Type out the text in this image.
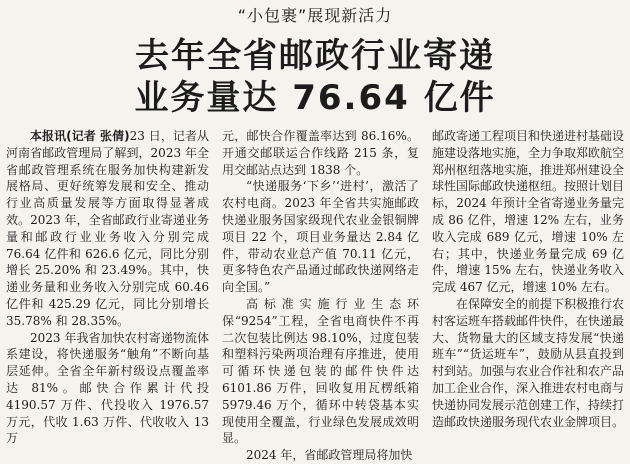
“小包裹”展现新活力
去年全省邮政行业寄递
业务量达 76.64 亿件

本报讯(记者 张倩)23 日，记者从河南省邮政管理局了解到，2023 年全省邮政管理系统在服务加快构建新发展格局、更好统筹发展和安全、推动行业高质量发展等方面取得显著成效。2023 年，全省邮政行业寄递业务量和邮政行业业务收入分别完成 76.64 亿件和 626.6 亿元，同比分别增长 25.20% 和 23.49%。其中，快递业务量和业务收入分别完成 60.46 亿件和 425.29 亿元，同比分别增长 35.78% 和 28.35%。

2023 年我省加快农村寄递物流体系建设，将快递服务“触角”不断向基层延伸。全省全年新村级设点覆盖率达 81%。邮快合作累计代投 4190.57 万件、代投收入 1976.57 万元，代收 1.63 万件、代收收入 13 万

元，邮快合作覆盖率达到 86.16%。开通交邮联运合作线路 215 条，复用交邮站点达到 1838 个。

“快递服务‘下乡’‘进村’，激活了农村电商。2023 年全省共实施邮政快递业服务国家级现代农业金银铜牌项目 22 个，项目业务量达 2.84 亿件，带动农业总产值 70.11 亿元，更多特色农产品通过邮政快递网络走向全国。”

高标准实施行业生态环保“9254”工程，全省电商快件不再二次包装比例达 98.10%，过度包装和塑料污染两项治理有序推进，使用可循环快递包装的邮件快件达 6101.86 万件，回收复用瓦楞纸箱 5979.46 万个，循环中转袋基本实现使用全覆盖，行业绿色发展成效明显。

2024 年，省邮政管理局将加快

邮政寄递工程项目和快递进村基础设施建设落地实施，全力争取郑欧航空郑州枢纽落地实施，推进郑州建设全球性国际邮政快递枢纽。按照计划目标，2024 年预计全省寄递业务量完成 86 亿件，增速 12% 左右，业务收入完成 689 亿元，增速 10% 左右；其中，快递业务量完成 69 亿件，增速 15% 左右，快递业务收入完成 467 亿元，增速 10% 左右。

在保障安全的前提下积极推行农村客运班车搭载邮件快件，在快递最大、货物量大的区域支持发展“快递班车”“货运班车”，鼓励从县直投到村到站。加强与农业合作社和农产品加工企业合作，深入推进农村电商与快递协同发展示范创建工作，持续打造邮政快递服务现代农业金牌项目。
